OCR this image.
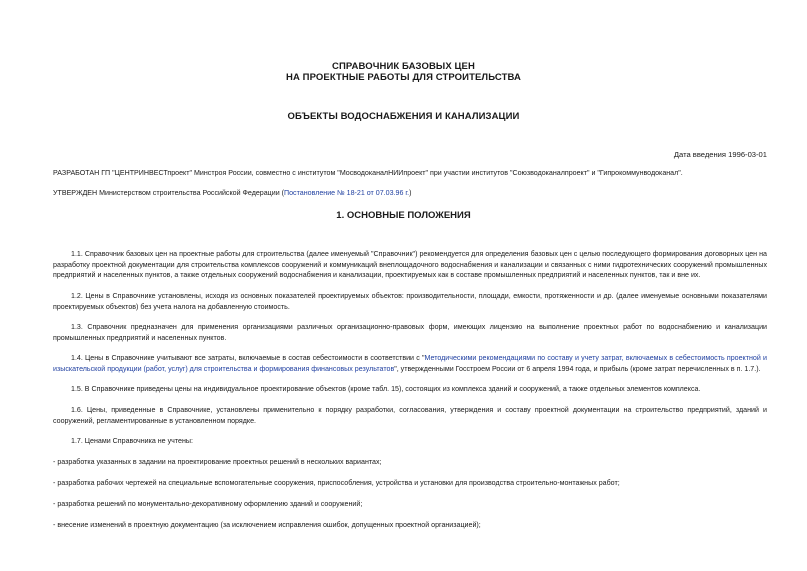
СПРАВОЧНИК БАЗОВЫХ ЦЕН
НА ПРОЕКТНЫЕ РАБОТЫ ДЛЯ СТРОИТЕЛЬСТВА
ОБЪЕКТЫ ВОДОСНАБЖЕНИЯ И КАНАЛИЗАЦИИ
Дата введения 1996-03-01
РАЗРАБОТАН ГП "ЦЕНТРИНВЕСТпроект" Минстроя России, совместно с институтом "МосводоканалНИИпроект" при участии институтов "Союзводоканалпроект" и "Гипрокоммунводоканал".
УТВЕРЖДЕН Министерством строительства Российской Федерации (Постановление № 18-21 от 07.03.96 г.)
1. ОСНОВНЫЕ ПОЛОЖЕНИЯ
1.1. Справочник базовых цен на проектные работы для строительства (далее именуемый "Справочник") рекомендуется для определения базовых цен с целью последующего формирования договорных цен на разработку проектной документации для строительства комплексов сооружений и коммуникаций внеплощадочного водоснабжения и канализации и связанных с ними гидротехнических сооружений промышленных предприятий и населенных пунктов, а также отдельных сооружений водоснабжения и канализации, проектируемых как в составе промышленных предприятий и населенных пунктов, так и вне их.
1.2. Цены в Справочнике установлены, исходя из основных показателей проектируемых объектов: производительности, площади, емкости, протяженности и др. (далее именуемые основными показателями проектируемых объектов) без учета налога на добавленную стоимость.
1.3. Справочник предназначен для применения организациями различных организационно-правовых форм, имеющих лицензию на выполнение проектных работ по водоснабжению и канализации промышленных предприятий и населенных пунктов.
1.4. Цены в Справочнике учитывают все затраты, включаемые в состав себестоимости в соответствии с "Методическими рекомендациями по составу и учету затрат, включаемых в себестоимость проектной и изыскательской продукции (работ, услуг) для строительства и формирования финансовых результатов", утвержденными Госстроем России от 6 апреля 1994 года, и прибыль (кроме затрат перечисленных в п. 1.7.).
1.5. В Справочнике приведены цены на индивидуальное проектирование объектов (кроме табл. 15), состоящих из комплекса зданий и сооружений, а также отдельных элементов комплекса.
1.6. Цены, приведенные в Справочнике, установлены применительно к порядку разработки, согласования, утверждения и составу проектной документации на строительство предприятий, зданий и сооружений, регламентированные в установленном порядке.
1.7. Ценами Справочника не учтены:
- разработка указанных в задании на проектирование проектных решений в нескольких вариантах;
- разработка рабочих чертежей на специальные вспомогательные сооружения, приспособления, устройства и установки для производства строительно-монтажных работ;
- разработка решений по монументально-декоративному оформлению зданий и сооружений;
- внесение изменений в проектную документацию (за исключением исправления ошибок, допущенных проектной организацией);
